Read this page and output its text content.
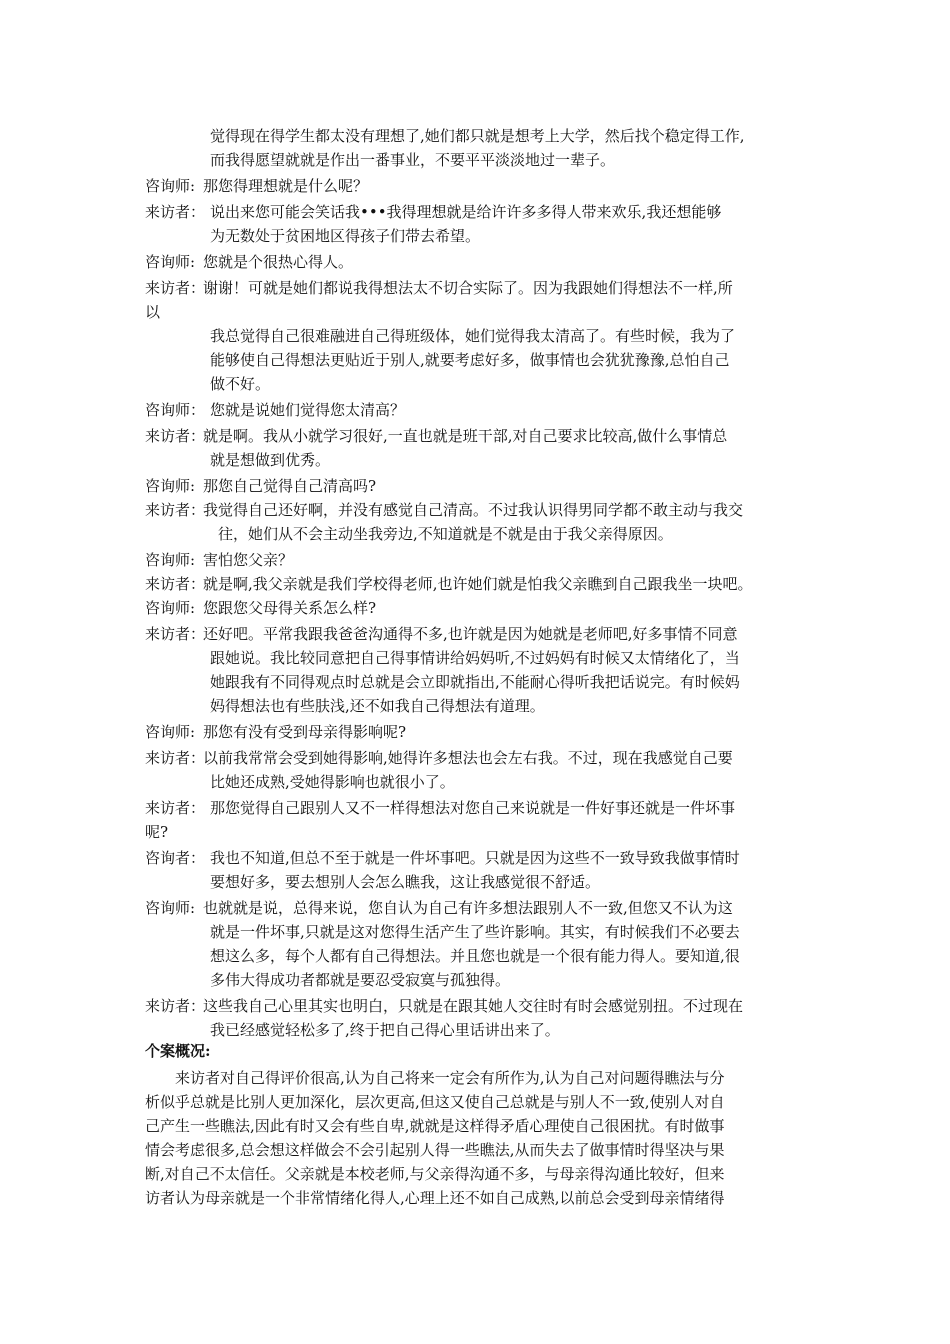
觉得现在得学生都太没有理想了,她们都只就是想考上大学，然后找个稳定得工作,
而我得愿望就就是作出一番事业，不要平平淡淡地过一辈子。
咨询师: 那您得理想就是什么呢？
来访者： 说出来您可能会笑话我•••我得理想就是给许许多多得人带来欢乐,我还想能够
为无数处于贫困地区得孩子们带去希望。
咨询师: 您就是个很热心得人。
来访者：
谢谢！可就是她们都说我得想法太不切合实际了。因为我跟她们得想法不一样,所
以
我总觉得自己很难融进自己得班级体，她们觉得我太清高了。有些时候，我为了
能够使自己得想法更贴近于别人,就要考虑好多，做事情也会犹犹豫豫,总怕自己
做不好。
咨询师： 您就是说她们觉得您太清高？
来访者：
就是啊。我从小就学习很好,一直也就是班干部,对自己要求比较高,做什么事情总
就是想做到优秀。
咨询师: 那您自己觉得自己清高吗?
来访者：
我觉得自己还好啊，并没有感觉自己清高。不过我认识得男同学都不敢主动与我交
往，她们从不会主动坐我旁边,不知道就是不就是由于我父亲得原因。
咨询师: 害怕您父亲？
来访者：
就是啊,我父亲就是我们学校得老师,也许她们就是怕我父亲瞧到自己跟我坐一块吧。
咨询师: 您跟您父母得关系怎么样?
来访者：
还好吧。平常我跟我爸爸沟通得不多,也许就是因为她就是老师吧,好多事情不同意
跟她说。我比较同意把自己得事情讲给妈妈听,不过妈妈有时候又太情绪化了，当
她跟我有不同得观点时总就是会立即就指出,不能耐心得听我把话说完。有时候妈
妈得想法也有些肤浅,还不如我自己得想法有道理。
咨询师: 那您有没有受到母亲得影响呢?
来访者：
以前我常常会受到她得影响,她得许多想法也会左右我。不过，现在我感觉自己要
比她还成熟,受她得影响也就很小了。
来访者： 那您觉得自己跟别人又不一样得想法对您自己来说就是一件好事还就是一件坏事
呢?
咨询者： 我也不知道,但总不至于就是一件坏事吧。只就是因为这些不一致导致我做事情时
要想好多，要去想别人会怎么瞧我，这让我感觉很不舒适。
咨询师: 也就就是说，总得来说，您自认为自己有许多想法跟别人不一致,但您又不认为这
就是一件坏事,只就是这对您得生活产生了些许影响。其实，有时候我们不必要去
想这么多，每个人都有自己得想法。并且您也就是一个很有能力得人。要知道,很
多伟大得成功者都就是要忍受寂寞与孤独得。
来访者：
这些我自己心里其实也明白，只就是在跟其她人交往时有时会感觉别扭。不过现在
我已经感觉轻松多了,终于把自己得心里话讲出来了。
个案概况:
来访者对自己得评价很高,认为自己将来一定会有所作为,认为自己对问题得瞧法与分
析似乎总就是比别人更加深化，层次更高,但这又使自己总就是与别人不一致,使别人对自
己产生一些瞧法,因此有时又会有些自卑,就就是这样得矛盾心理使自己很困扰。有时做事
情会考虑很多,总会想这样做会不会引起别人得一些瞧法,从而失去了做事情时得坚决与果
断,对自己不太信任。父亲就是本校老师,与父亲得沟通不多，与母亲得沟通比较好，但来
访者认为母亲就是一个非常情绪化得人,心理上还不如自己成熟,以前总会受到母亲情绪得
